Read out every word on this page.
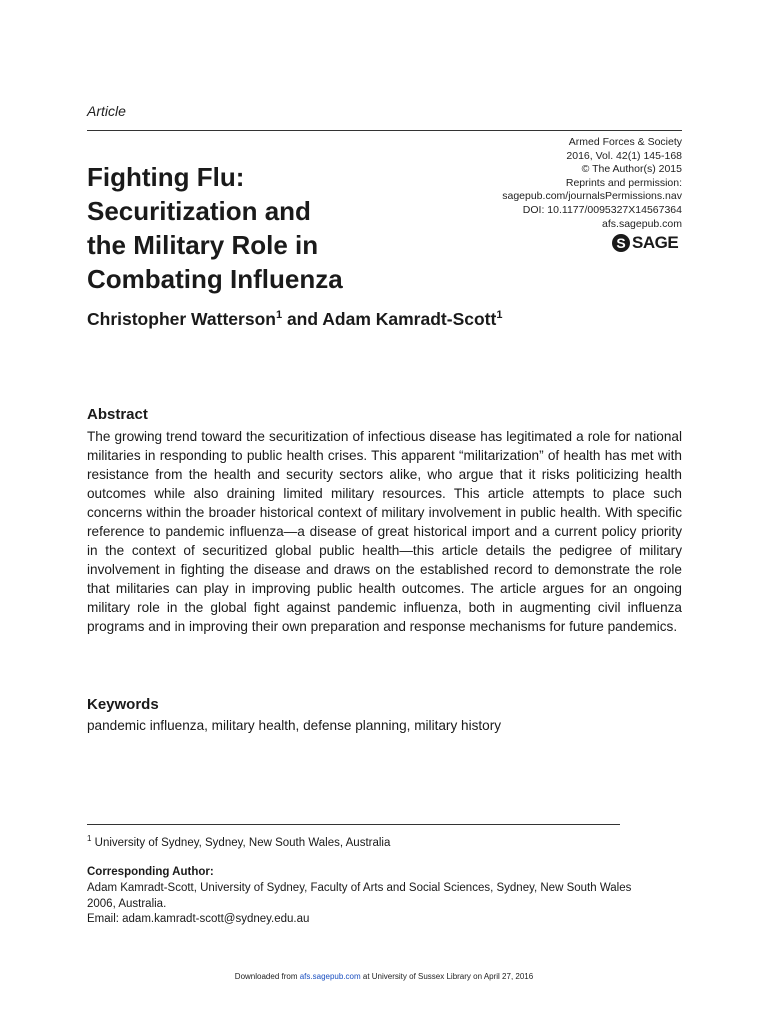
Article
Fighting Flu:
Securitization and
the Military Role in
Combating Influenza
Armed Forces & Society
2016, Vol. 42(1) 145-168
© The Author(s) 2015
Reprints and permission:
sagepub.com/journalsPermissions.nav
DOI: 10.1177/0095327X14567364
afs.sagepub.com
S SAGE
Christopher Watterson$^1$ and Adam Kamradt-Scott$^1$
Abstract
The growing trend toward the securitization of infectious disease has legitimated a role for national militaries in responding to public health crises. This apparent “militarization” of health has met with resistance from the health and security sectors alike, who argue that it risks politicizing health outcomes while also draining limited military resources. This article attempts to place such concerns within the broader historical context of military involvement in public health. With specific reference to pandemic influenza—a disease of great historical import and a current policy priority in the context of securitized global public health—this article details the pedigree of military involvement in fighting the disease and draws on the established record to demonstrate the role that militaries can play in improving public health outcomes. The article argues for an ongoing military role in the global fight against pandemic influenza, both in augmenting civil influenza programs and in improving their own preparation and response mechanisms for future pandemics.
Keywords
pandemic influenza, military health, defense planning, military history
$^1$ University of Sydney, Sydney, New South Wales, Australia
Corresponding Author:
Adam Kamradt-Scott, University of Sydney, Faculty of Arts and Social Sciences, Sydney, New South Wales
2006, Australia.
Email: adam.kamradt-scott@sydney.edu.au
Downloaded from afs.sagepub.com at University of Sussex Library on April 27, 2016
